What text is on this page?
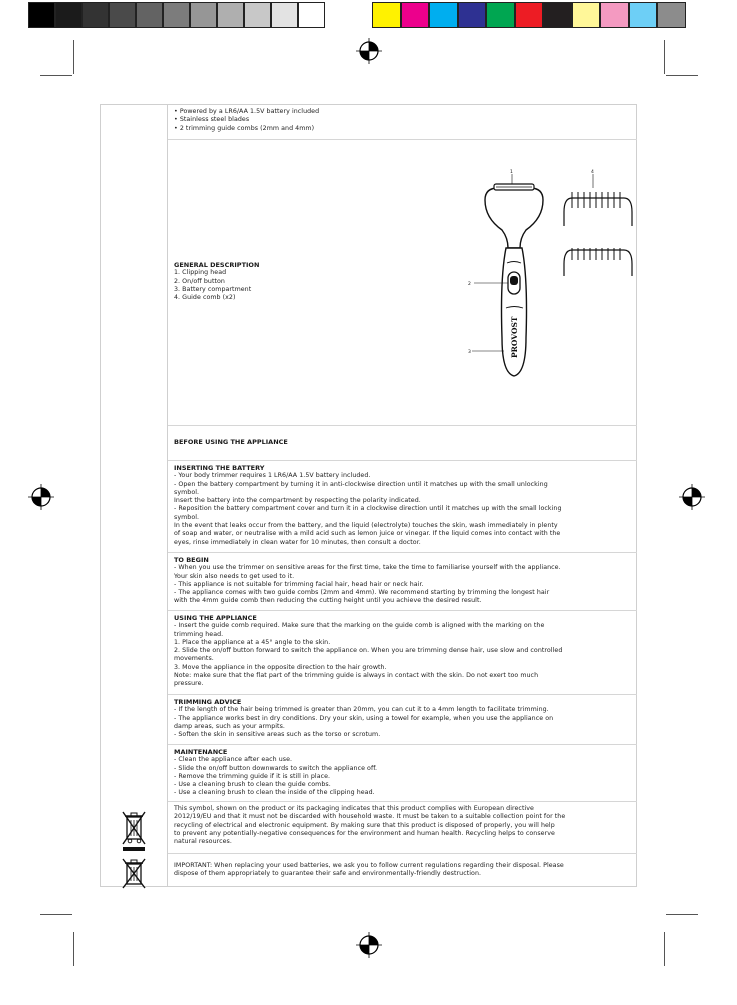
• Powered by a LR6/AA 1.5V battery included
• Stainless steel blades
• 2 trimming guide combs (2mm and 4mm)
GENERAL DESCRIPTION

1. Clipping head

2. On/off button

3. Battery compartment

4. Guide comb (x2)

PROVOST
1	4
2
3
BEFORE USING THE APPLIANCE
INSERTING THE BATTERY

- Your body trimmer requires 1 LR6/AA 1.5V battery included.

- Open the battery compartment by turning it in anti-clockwise direction until it matches up with the small unlocking

symbol.

Insert the battery into the compartment by respecting the polarity indicated.

- Reposition the battery compartment cover and turn it in a clockwise direction until it matches up with the small locking

symbol.

In the event that leaks occur from the battery, and the liquid (electrolyte) touches the skin, wash immediately in plenty

of soap and water, or neutralise with a mild acid such as lemon juice or vinegar. If the liquid comes into contact with the

eyes, rinse immediately in clean water for 10 minutes, then consult a doctor.

TO BEGIN

- When you use the trimmer on sensitive areas for the first time, take the time to familiarise yourself with the appliance.

Your skin also needs to get used to it.

- This appliance is not suitable for trimming facial hair, head hair or neck hair.

- The appliance comes with two guide combs (2mm and 4mm). We recommend starting by trimming the longest hair

with the 4mm guide comb then reducing the cutting height until you achieve the desired result.

USING THE APPLIANCE

- Insert the guide comb required. Make sure that the marking on the guide comb is aligned with the marking on the

trimming head.

1. Place the appliance at a 45° angle to the skin.

2. Slide the on/off button forward to switch the appliance on. When you are trimming dense hair, use slow and controlled

movements.

3. Move the appliance in the opposite direction to the hair growth.

Note: make sure that the flat part of the trimming guide is always in contact with the skin. Do not exert too much

pressure.

TRIMMING ADVICE

- If the length of the hair being trimmed is greater than 20mm, you can cut it to a 4mm length to facilitate trimming.

- The appliance works best in dry conditions. Dry your skin, using a towel for example, when you use the appliance on

damp areas, such as your armpits.

- Soften the skin in sensitive areas such as the torso or scrotum.

MAINTENANCE

- Clean the appliance after each use.

- Slide the on/off button downwards to switch the appliance off.

- Remove the trimming guide if it is still in place.

- Use a cleaning brush to clean the guide combs.

- Use a cleaning brush to clean the inside of the clipping head.

This symbol, shown on the product or its packaging indicates that this product complies with European directive

2012/19/EU and that it must not be discarded with household waste. It must be taken to a suitable collection point for the

recycling of electrical and electronic equipment. By making sure that this product is disposed of properly, you will help

to prevent any potentially-negative consequences for the environment and human health. Recycling helps to conserve

natural resources.

IMPORTANT: When replacing your used batteries, we ask you to follow current regulations regarding their disposal. Please

dispose of them appropriately to guarantee their safe and environmentally-friendly destruction.
